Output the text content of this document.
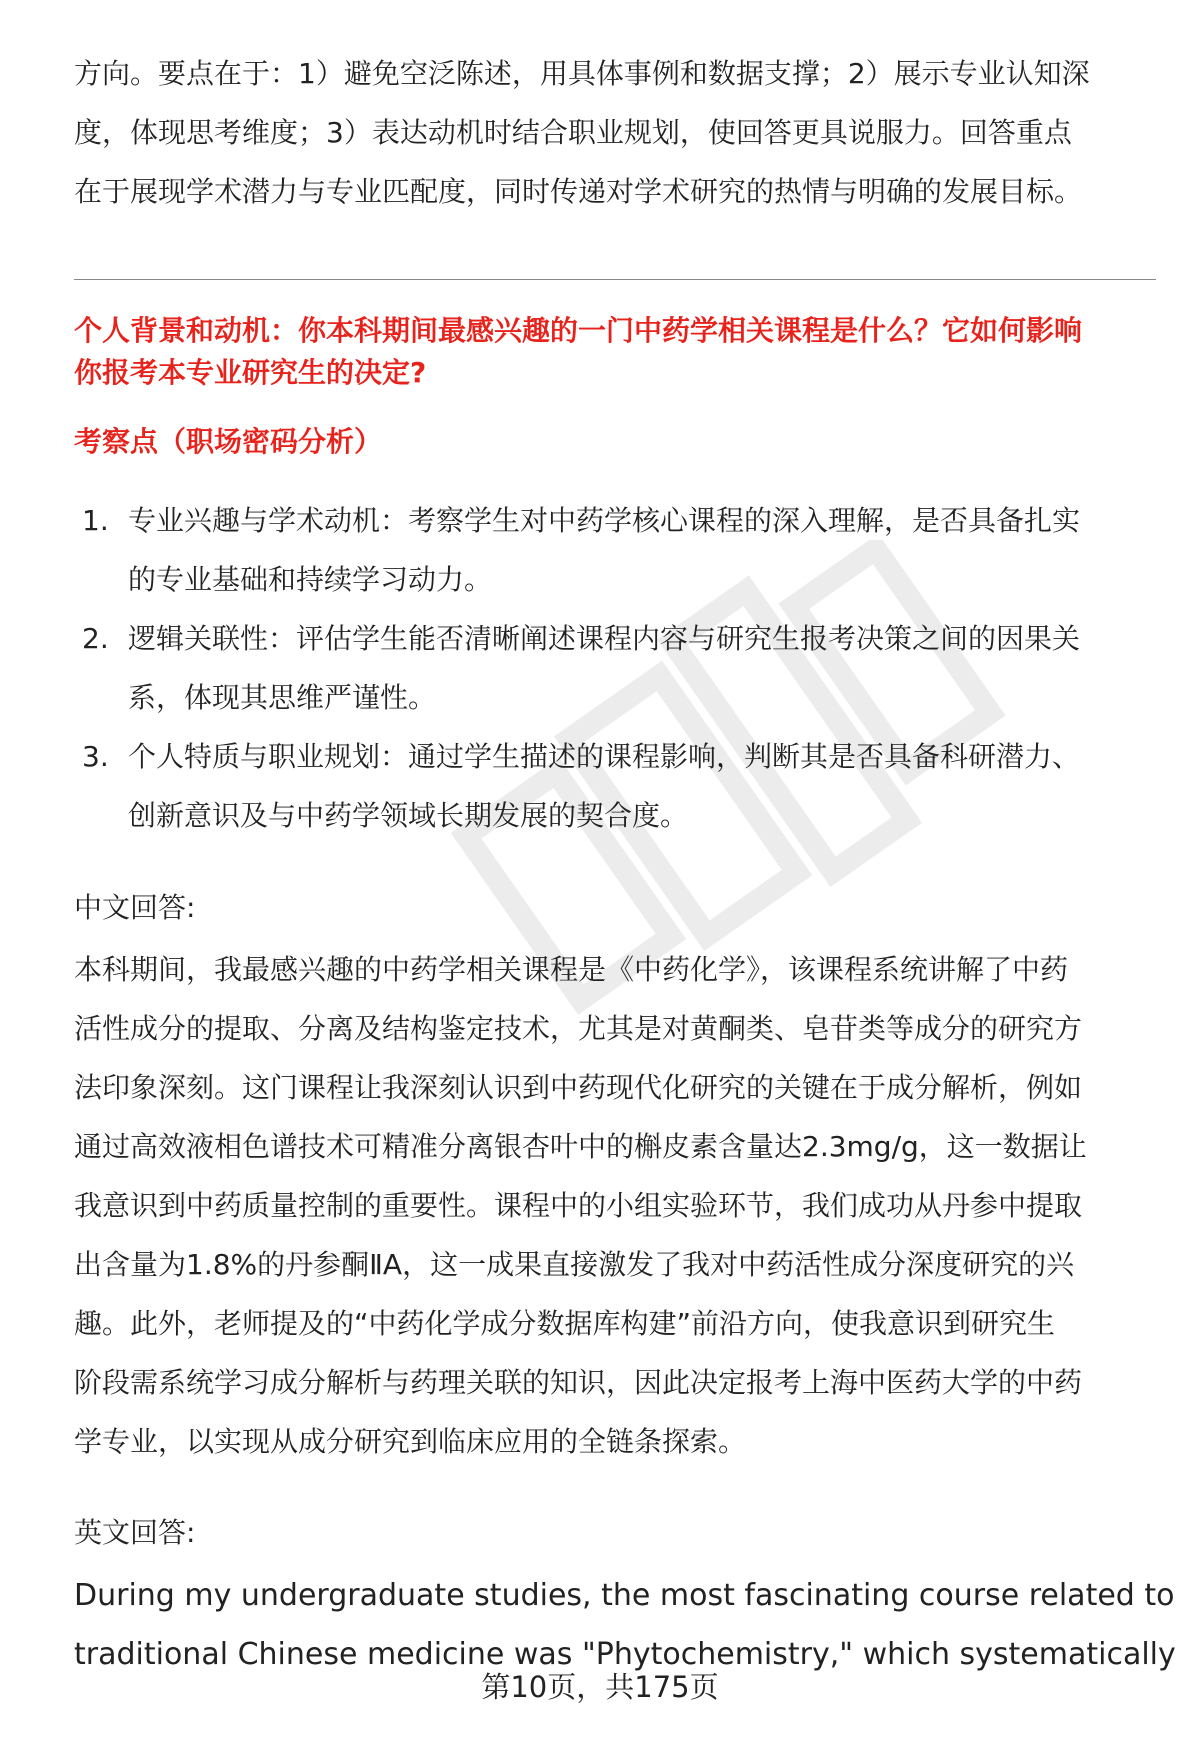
方向。要点在于：1）避免空泛陈述，用具体事例和数据支撑；2）展示专业认知深
度，体现思考维度；3）表达动机时结合职业规划，使回答更具说服力。回答重点
在于展现学术潜力与专业匹配度，同时传递对学术研究的热情与明确的发展目标。
个人背景和动机：你本科期间最感兴趣的一门中药学相关课程是什么？它如何影响
你报考本专业研究生的决定?
考察点（职场密码分析）
1. 专业兴趣与学术动机：考察学生对中药学核心课程的深入理解，是否具备扎实
的专业基础和持续学习动力。
2. 逻辑关联性：评估学生能否清晰阐述课程内容与研究生报考决策之间的因果关
系，体现其思维严谨性。
3. 个人特质与职业规划：通过学生描述的课程影响，判断其是否具备科研潜力、
创新意识及与中药学领域长期发展的契合度。
中文回答:
本科期间，我最感兴趣的中药学相关课程是《中药化学》，该课程系统讲解了中药
活性成分的提取、分离及结构鉴定技术，尤其是对黄酮类、皂苷类等成分的研究方
法印象深刻。这门课程让我深刻认识到中药现代化研究的关键在于成分解析，例如
通过高效液相色谱技术可精准分离银杏叶中的槲皮素含量达2.3mg/g，这一数据让
我意识到中药质量控制的重要性。课程中的小组实验环节，我们成功从丹参中提取
出含量为1.8%的丹参酮ⅡA，这一成果直接激发了我对中药活性成分深度研究的兴
趣。此外，老师提及的“中药化学成分数据库构建”前沿方向，使我意识到研究生
阶段需系统学习成分解析与药理关联的知识，因此决定报考上海中医药大学的中药
学专业，以实现从成分研究到临床应用的全链条探索。
英文回答:
During my undergraduate studies, the most fascinating course related to
traditional Chinese medicine was "Phytochemistry," which systematically
第10页，共175页
